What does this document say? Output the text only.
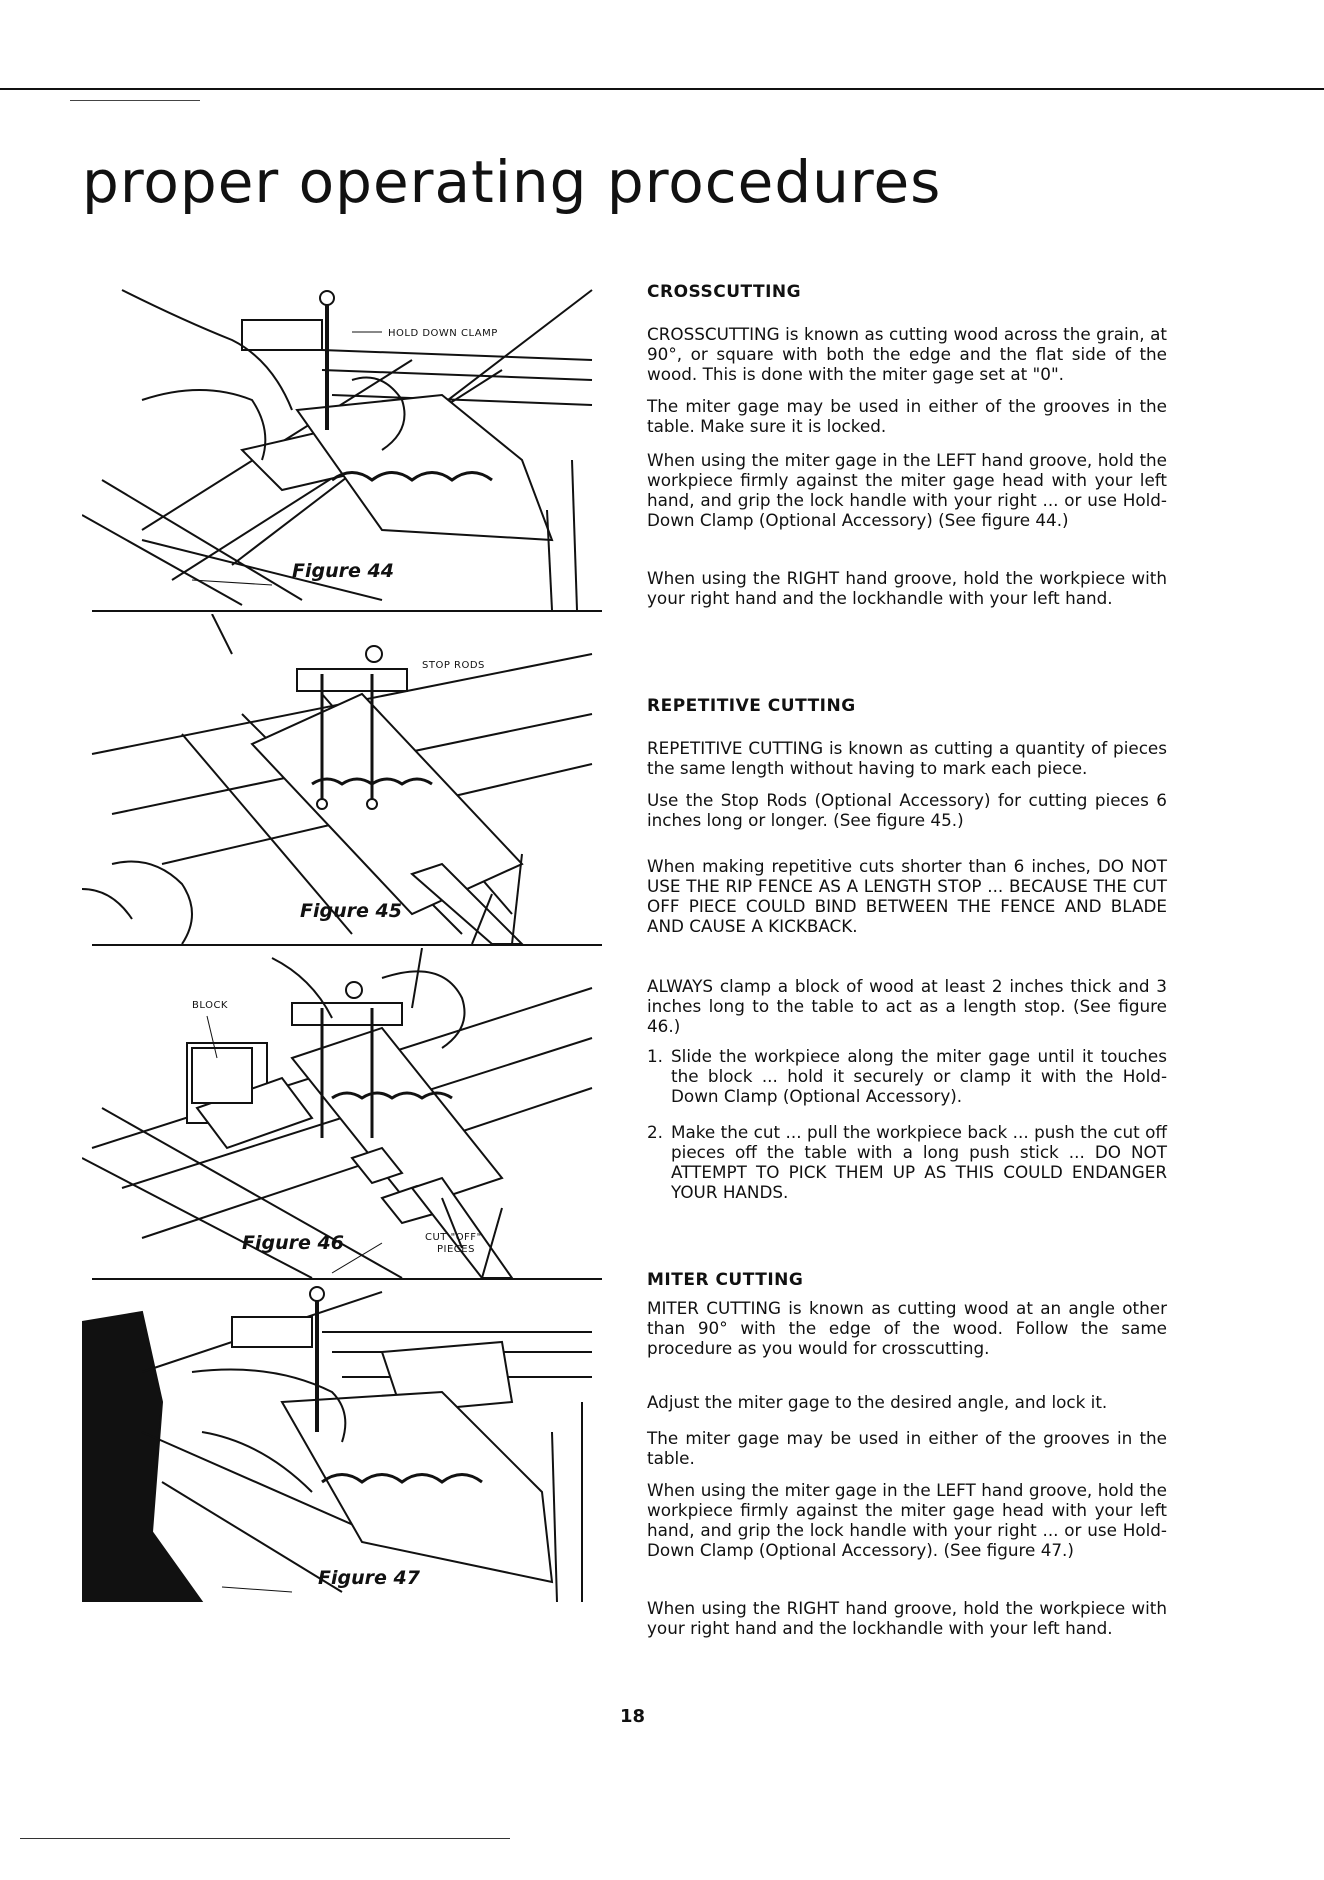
proper operating procedures
HOLD DOWN CLAMP
Figure 44
STOP RODS
Figure 45
BLOCK
CUT "OFF"
PIECES
Figure 46
Figure 47
CROSSCUTTING

CROSSCUTTING is known as cutting wood across the grain, at 90°, or square with both the edge and the flat side of the wood. This is done with the miter gage set at "0".

The miter gage may be used in either of the grooves in the table. Make sure it is locked.

When using the miter gage in the LEFT hand groove, hold the workpiece firmly against the miter gage head with your left hand, and grip the lock handle with your right ... or use Hold-Down Clamp (Optional Accessory) (See figure 44.)

When using the RIGHT hand groove, hold the workpiece with your right hand and the lockhandle with your left hand.

REPETITIVE CUTTING

REPETITIVE CUTTING is known as cutting a quantity of pieces the same length without having to mark each piece.

Use the Stop Rods (Optional Accessory) for cutting pieces 6 inches long or longer. (See figure 45.)

When making repetitive cuts shorter than 6 inches, DO NOT USE THE RIP FENCE AS A LENGTH STOP ... BECAUSE THE CUT OFF PIECE COULD BIND BETWEEN THE FENCE AND BLADE AND CAUSE A KICKBACK.

ALWAYS clamp a block of wood at least 2 inches thick and 3 inches long to the table to act as a length stop. (See figure 46.)

1. Slide the workpiece along the miter gage until it touches the block ... hold it securely or clamp it with the Hold-Down Clamp (Optional Accessory).
2. Make the cut ... pull the workpiece back ... push the cut off pieces off the table with a long push stick ... DO NOT ATTEMPT TO PICK THEM UP AS THIS COULD ENDANGER YOUR HANDS.
MITER CUTTING

MITER CUTTING is known as cutting wood at an angle other than 90° with the edge of the wood. Follow the same procedure as you would for crosscutting.

Adjust the miter gage to the desired angle, and lock it.

The miter gage may be used in either of the grooves in the table.

When using the miter gage in the LEFT hand groove, hold the workpiece firmly against the miter gage head with your left hand, and grip the lock handle with your right ... or use Hold-Down Clamp (Optional Accessory). (See figure 47.)

When using the RIGHT hand groove, hold the workpiece with your right hand and the lockhandle with your left hand.

18
